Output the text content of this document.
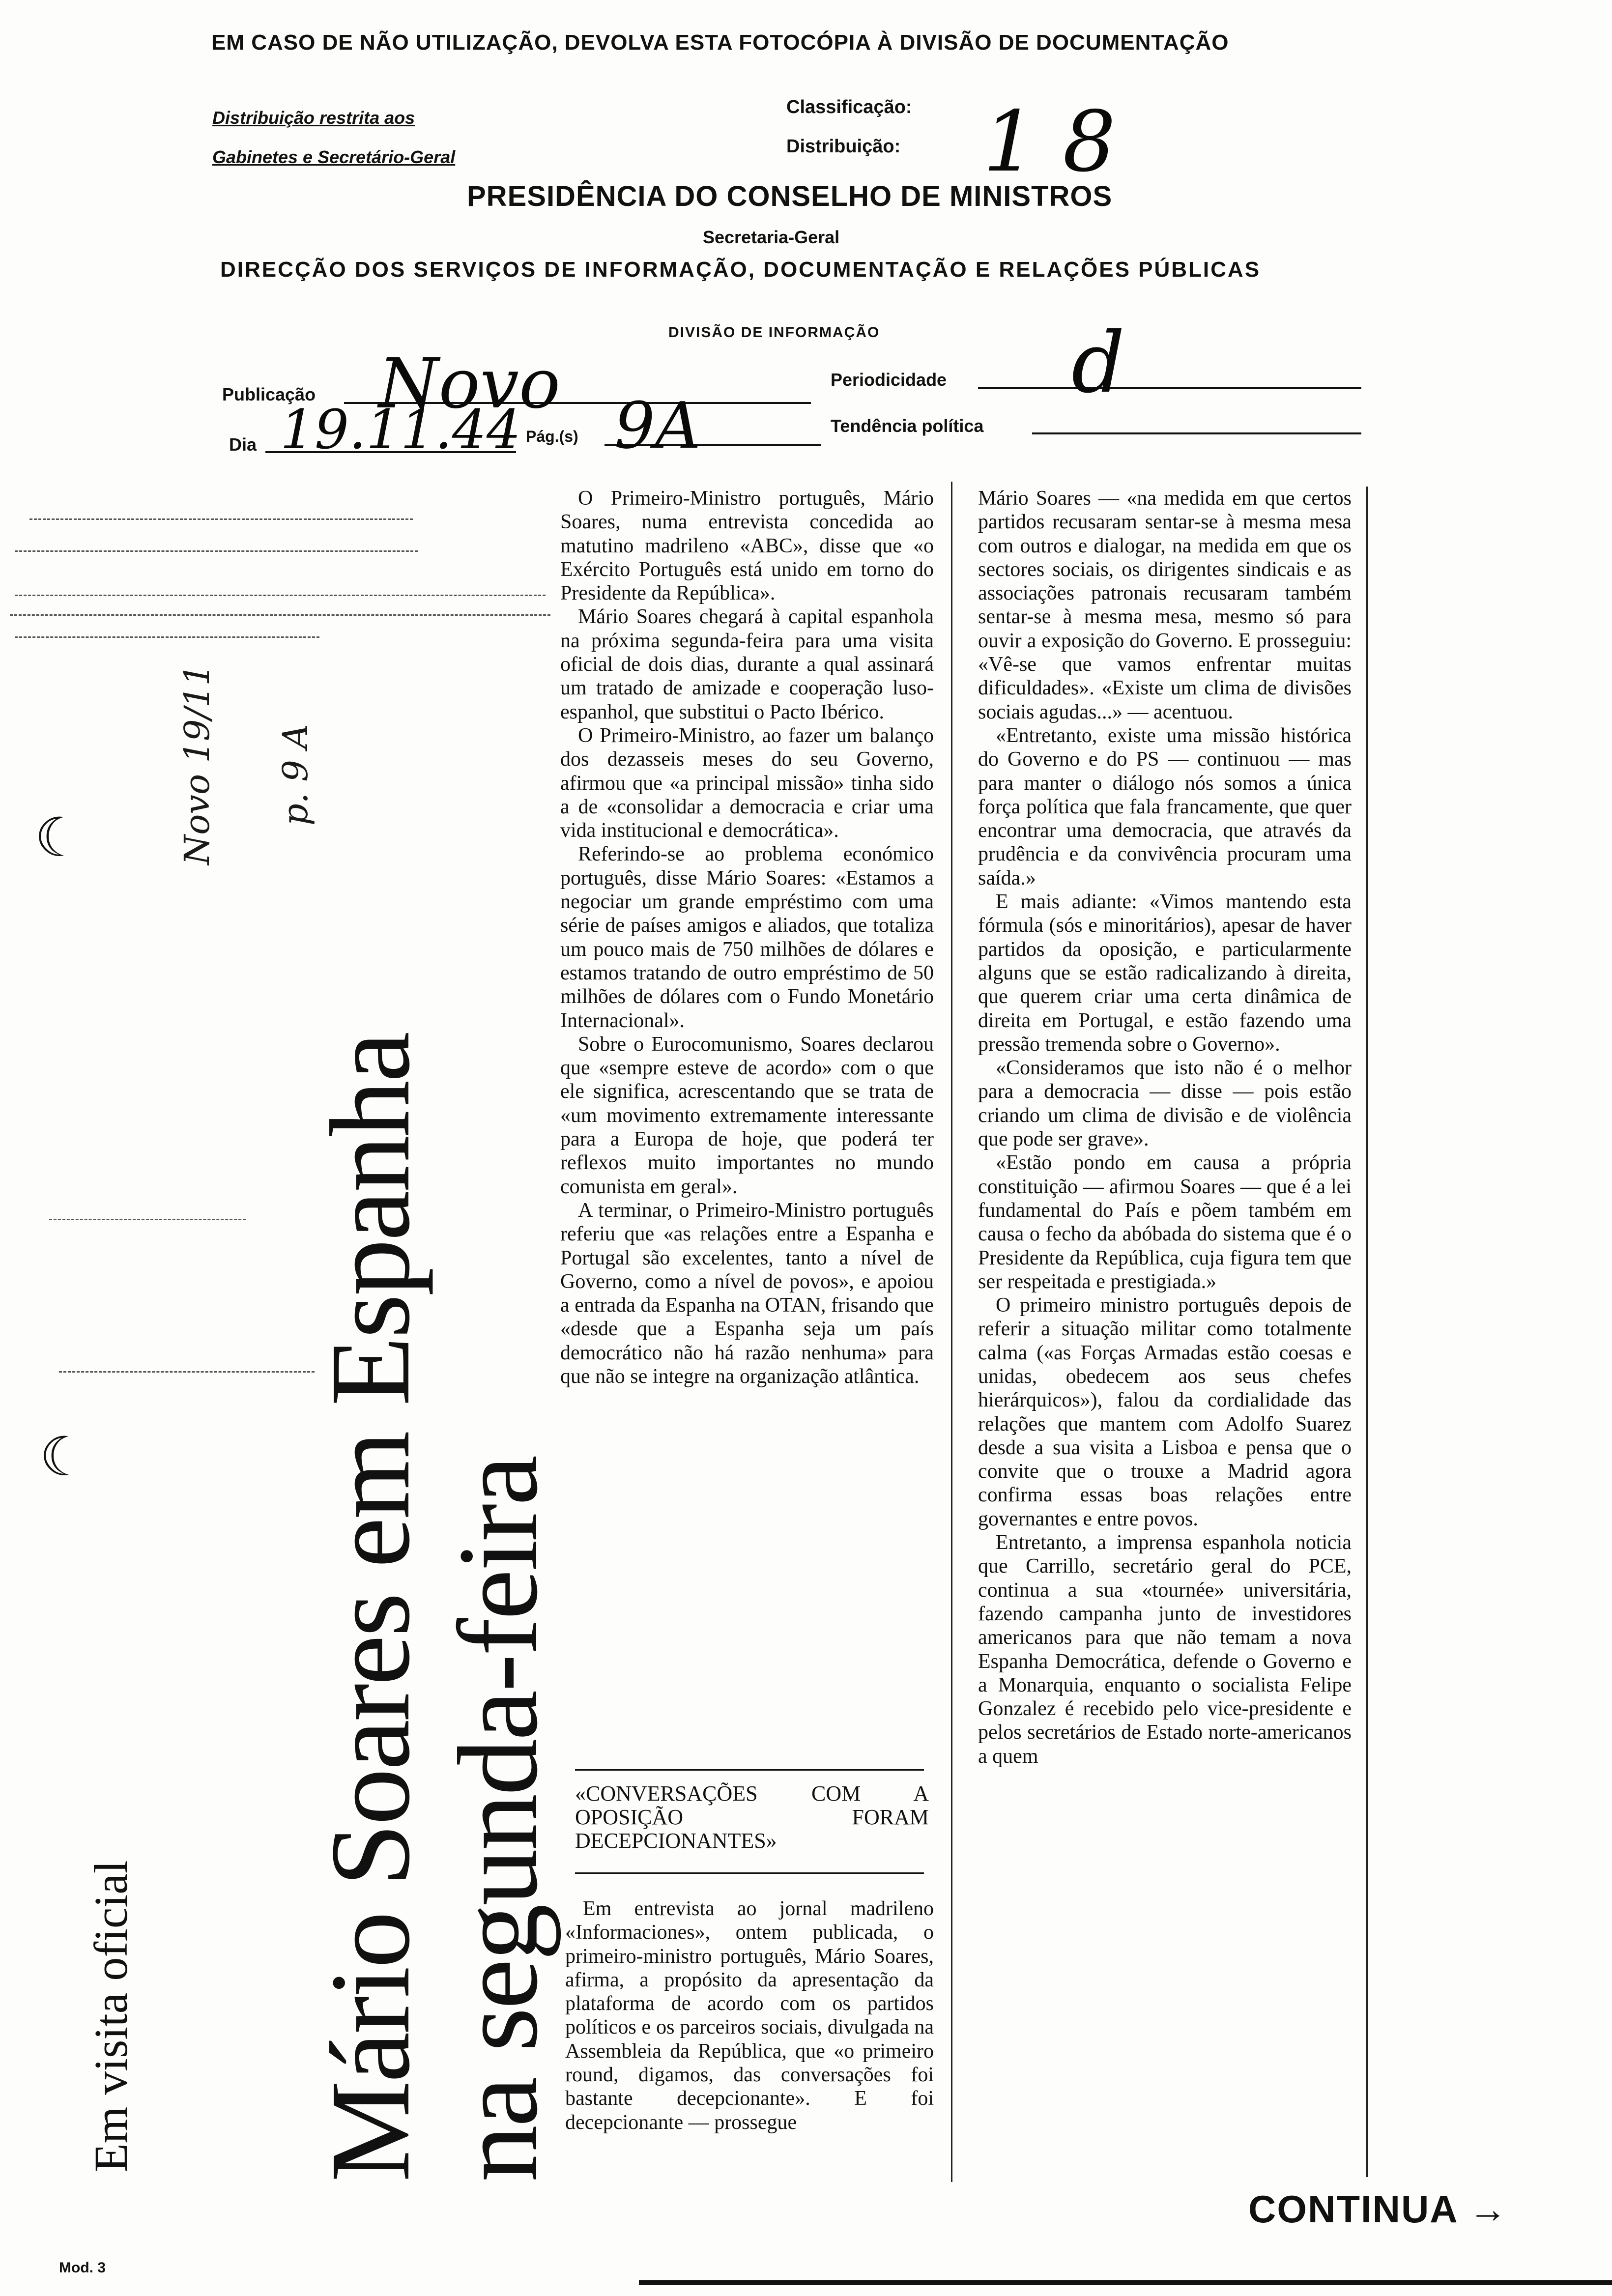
EM CASO DE NÃO UTILIZAÇÃO, DEVOLVA ESTA FOTOCÓPIA À DIVISÃO DE DOCUMENTAÇÃO
Distribuição restrita aos
Gabinetes e Secretário-Geral
Classificação:
Distribuição: 1 8
PRESIDÊNCIA DO CONSELHO DE MINISTROS
Secretaria-Geral
DIRECÇÃO DOS SERVIÇOS DE INFORMAÇÃO, DOCUMENTAÇÃO E RELAÇÕES PÚBLICAS
DIVISÃO DE INFORMAÇÃO
Publicação Novo	Periodicidade d
Dia 19.11.44 Pág.(s) 9A	Tendência política
☾
☾
Novo 19/11 p. 9 A
Em visita oficial Mário Soares em Espanha na segunda-feira

O Primeiro-Ministro português, Mário Soares, numa entrevista concedida ao matutino madrileno «ABC», disse que «o Exército Português está unido em torno do Presidente da República».

Mário Soares chegará à capital espanhola na próxima segunda-feira para uma visita oficial de dois dias, durante a qual assinará um tratado de amizade e cooperação luso-espanhol, que substitui o Pacto Ibérico.

O Primeiro-Ministro, ao fazer um balanço dos dezasseis meses do seu Governo, afirmou que «a principal missão» tinha sido a de «consolidar a democracia e criar uma vida institucional e democrática».

Referindo-se ao problema económico português, disse Mário Soares: «Estamos a negociar um grande empréstimo com uma série de países amigos e aliados, que totaliza um pouco mais de 750 milhões de dólares e estamos tratando de outro empréstimo de 50 milhões de dólares com o Fundo Monetário Internacional».

Sobre o Eurocomunismo, Soares declarou que «sempre esteve de acordo» com o que ele significa, acrescentando que se trata de «um movimento extremamente interessante para a Europa de hoje, que poderá ter reflexos muito importantes no mundo comunista em geral».

A terminar, o Primeiro-Ministro português referiu que «as relações entre a Espanha e Portugal são excelentes, tanto a nível de Governo, como a nível de povos», e apoiou a entrada da Espanha na OTAN, frisando que «desde que a Espanha seja um país democrático não há razão nenhuma» para que não se integre na organização atlântica.

«CONVERSAÇÕES COM A OPOSIÇÃO FORAM DECEPCIONANTES»

Em entrevista ao jornal madrileno «Informaciones», ontem publicada, o primeiro-ministro português, Mário Soares, afirma, a propósito da apresentação da plataforma de acordo com os partidos políticos e os parceiros sociais, divulgada na Assembleia da República, que «o primeiro round, digamos, das conversações foi bastante decepcionante». E foi decepcionante — prossegue

Mário Soares — «na medida em que certos partidos recusaram sentar-se à mesma mesa com outros e dialogar, na medida em que os sectores sociais, os dirigentes sindicais e as associações patronais recusaram também sentar-se à mesma mesa, mesmo só para ouvir a exposição do Governo. E prosseguiu: «Vê-se que vamos enfrentar muitas dificuldades». «Existe um clima de divisões sociais agudas...» — acentuou.

«Entretanto, existe uma missão histórica do Governo e do PS — continuou — mas para manter o diálogo nós somos a única força política que fala francamente, que quer encontrar uma democracia, que através da prudência e da convivência procuram uma saída.»

E mais adiante: «Vimos mantendo esta fórmula (sós e minoritários), apesar de haver partidos da oposição, e particularmente alguns que se estão radicalizando à direita, que querem criar uma certa dinâmica de direita em Portugal, e estão fazendo uma pressão tremenda sobre o Governo».

«Consideramos que isto não é o melhor para a democracia — disse — pois estão criando um clima de divisão e de violência que pode ser grave».

«Estão pondo em causa a própria constituição — afirmou Soares — que é a lei fundamental do País e põem também em causa o fecho da abóbada do sistema que é o Presidente da República, cuja figura tem que ser respeitada e prestigiada.»

O primeiro ministro português depois de referir a situação militar como totalmente calma («as Forças Armadas estão coesas e unidas, obedecem aos seus chefes hierárquicos»), falou da cordialidade das relações que mantem com Adolfo Suarez desde a sua visita a Lisboa e pensa que o convite que o trouxe a Madrid agora confirma essas boas relações entre governantes e entre povos.

Entretanto, a imprensa espanhola noticia que Carrillo, secretário geral do PCE, continua a sua «tournée» universitária, fazendo campanha junto de investidores americanos para que não temam a nova Espanha Democrática, defende o Governo e a Monarquia, enquanto o socialista Felipe Gonzalez é recebido pelo vice-presidente e pelos secretários de Estado norte-americanos a quem

CONTINUA →
Mod. 3
